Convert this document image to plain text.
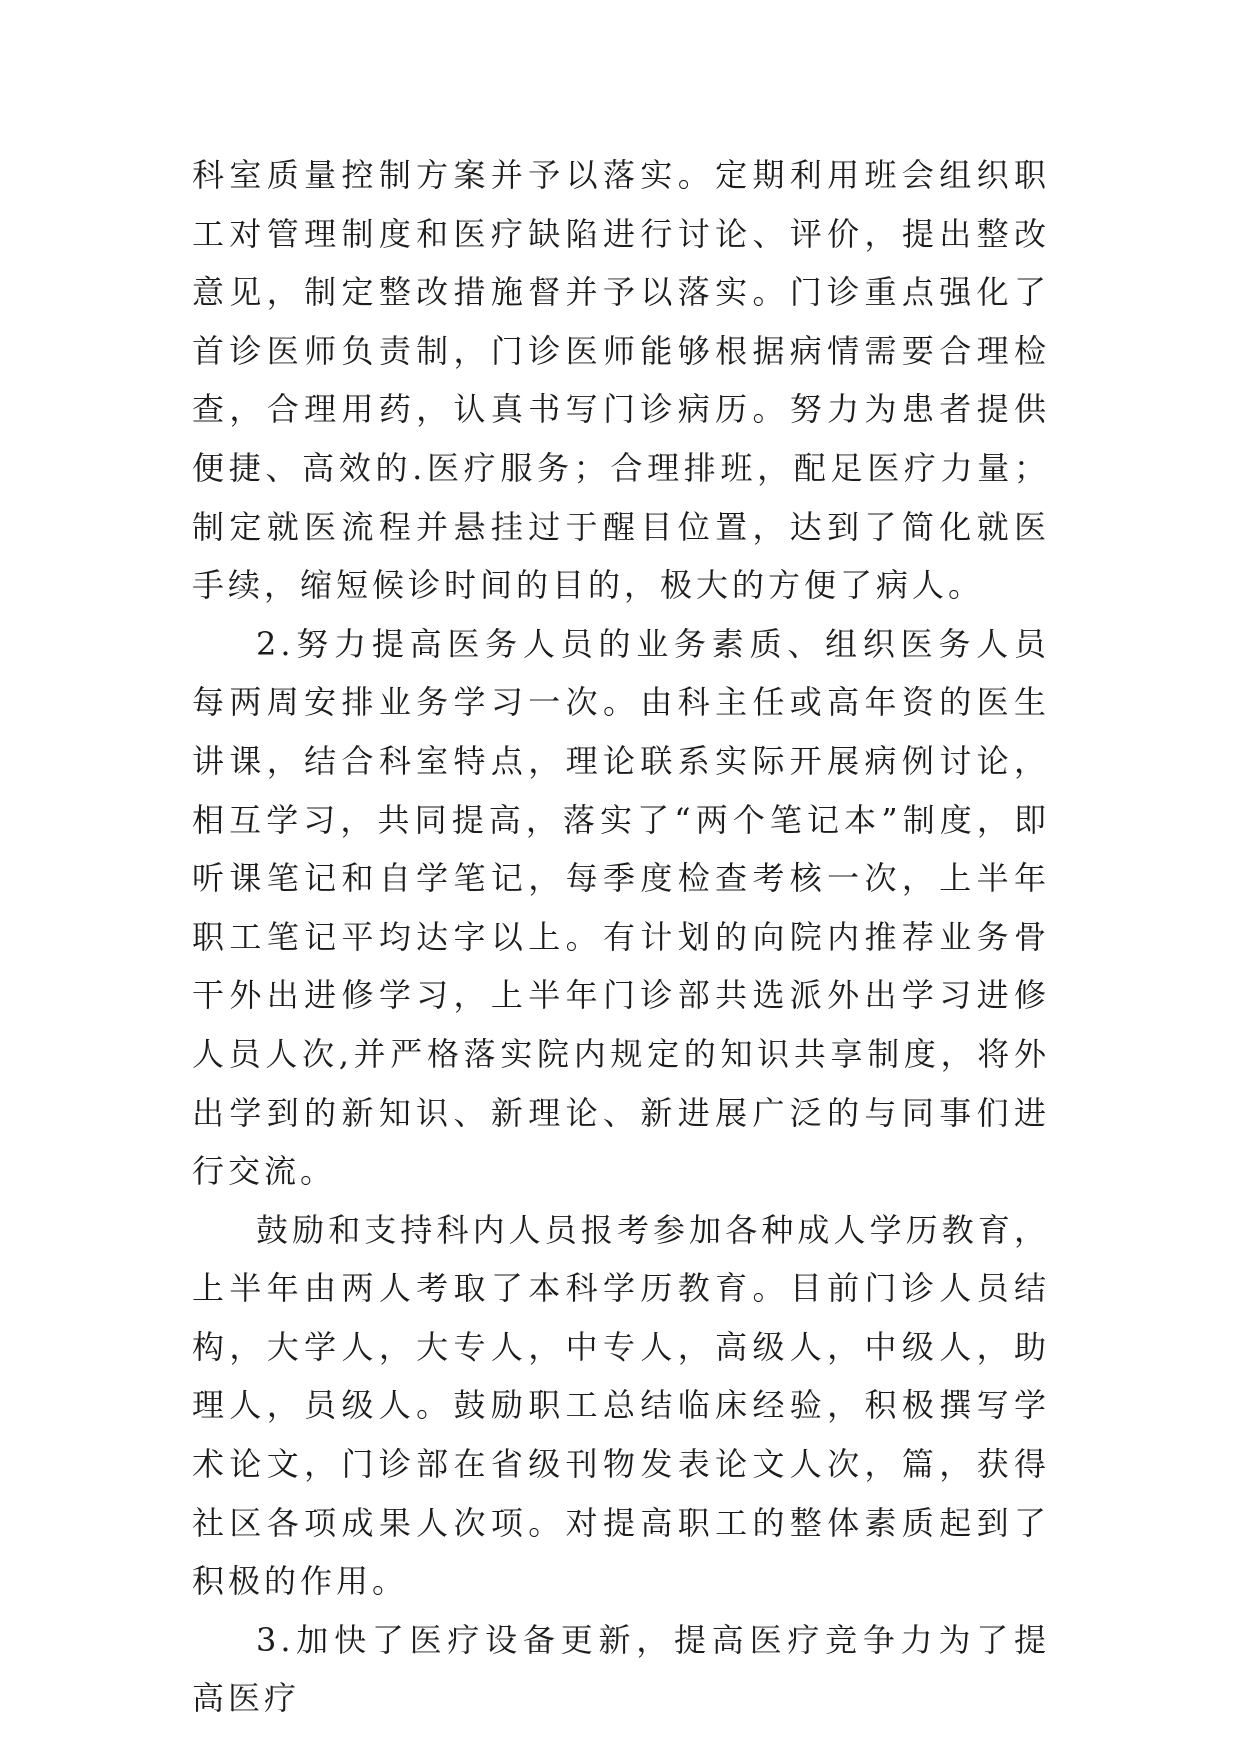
科室质量控制方案并予以落实。定期利用班会组织职工对管理制度和医疗缺陷进行讨论、评价，提出整改意见，制定整改措施督并予以落实。门诊重点强化了首诊医师负责制，门诊医师能够根据病情需要合理检查，合理用药，认真书写门诊病历。努力为患者提供便捷、高效的.医疗服务；合理排班，配足医疗力量；制定就医流程并悬挂过于醒目位置，达到了简化就医手续，缩短候诊时间的目的，极大的方便了病人。

2.努力提高医务人员的业务素质、组织医务人员每两周安排业务学习一次。由科主任或高年资的医生讲课，结合科室特点，理论联系实际开展病例讨论，相互学习，共同提高，落实了“两个笔记本”制度，即听课笔记和自学笔记，每季度检查考核一次，上半年职工笔记平均达字以上。有计划的向院内推荐业务骨干外出进修学习，上半年门诊部共选派外出学习进修人员人次,并严格落实院内规定的知识共享制度，将外出学到的新知识、新理论、新进展广泛的与同事们进行交流。

鼓励和支持科内人员报考参加各种成人学历教育，上半年由两人考取了本科学历教育。目前门诊人员结构，大学人，大专人，中专人，高级人，中级人，助理人，员级人。鼓励职工总结临床经验，积极撰写学术论文，门诊部在省级刊物发表论文人次，篇，获得社区各项成果人次项。对提高职工的整体素质起到了积极的作用。

3.加快了医疗设备更新，提高医疗竞争力为了提高医疗
